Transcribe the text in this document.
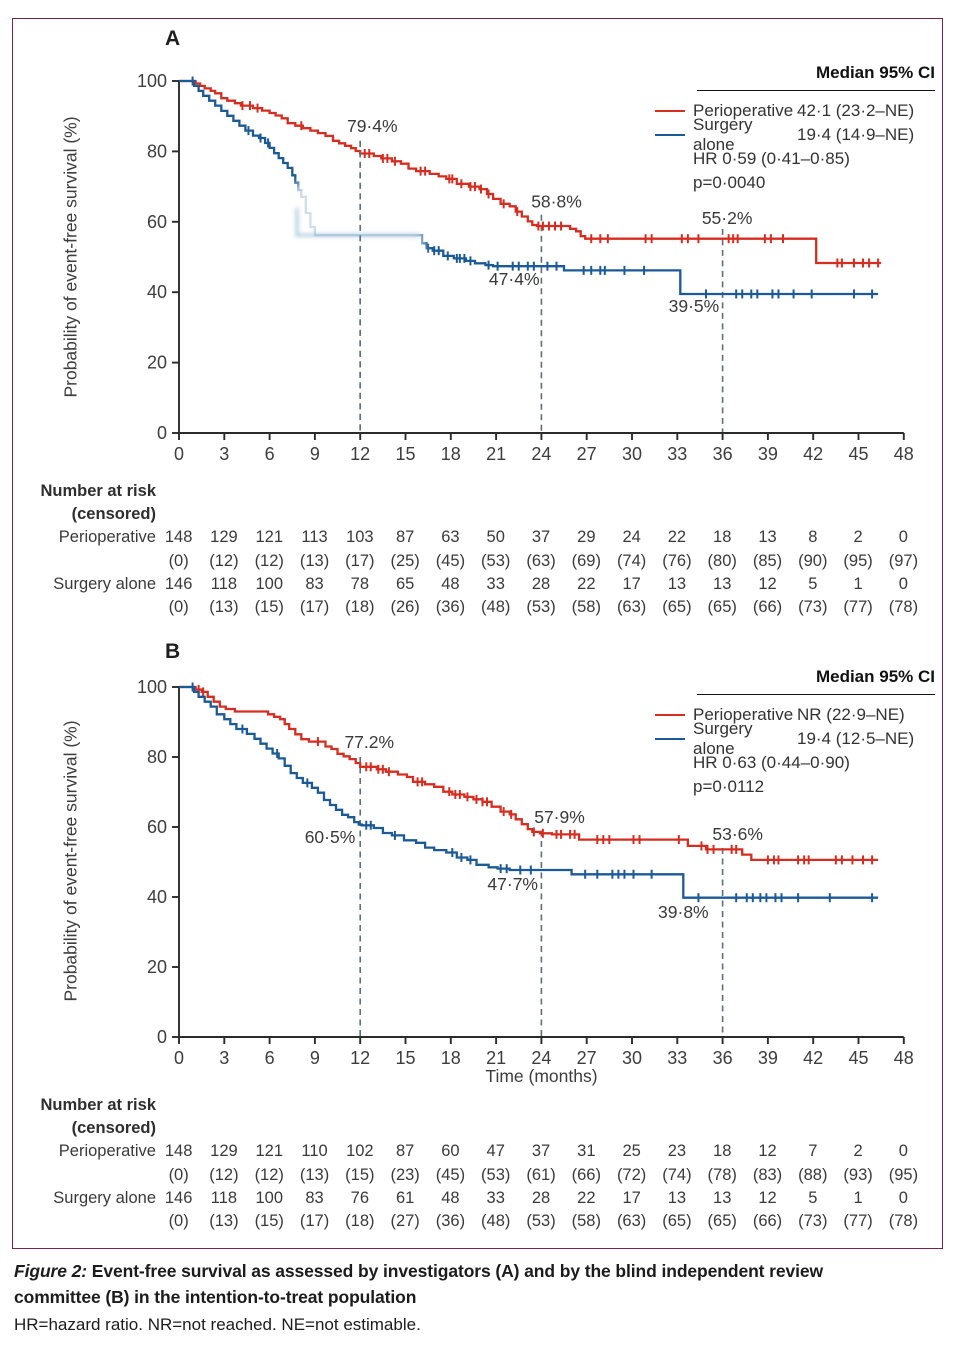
0 3 6 9 12 15 18 21 24 27 30 33 36 39 42 45 48
0
20
40
60
80
100
79·4%
58·8%
55·2%
47·4%
39·5%
0 3 6 9 12 15 18 21 24 27 30 33 36 39 42 45 48
0
20
40
60
80
100
77.2%
60·5%
57·9%
53·6%
47·7%
39·8%
A
B
Probability of event-free survival (%)
Probability of event-free survival (%)
Time (months)
Median 95% CI
Perioperative 42·1 (23·2–NE)
Surgery alone
19·4 (14·9–NE)
HR 0·59 (0·41–0·85)
p=0·0040
Median 95% CI
Perioperative NR (22·9–NE)
Surgery alone
19·4 (12·5–NE)
HR 0·63 (0·44–0·90)
p=0·0112
Number at risk
(censored)
Perioperative 148	129	121	113	103	87	63	50	37	29	24	22	18	13	8	2	0
(0)	(12) (12) (13) (17) (25) (45) (53) (63) (69) (74) (76) (80) (85) (90) (95) (97)
Surgery alone 146	118	100	83	78	65	48	33	28	22	17	13	13	12	5	1	0
(0)	(13) (15) (17) (18) (26) (36) (48) (53) (58) (63) (65) (65) (66) (73) (77) (78)
Number at risk
(censored)
Perioperative 148	129	121	110	102	87	60	47	37	31	25	23	18	12	7	2	0
(0)	(12) (12) (13) (15) (23) (45) (53) (61) (66) (72) (74) (78) (83) (88) (93) (95)
Surgery alone 146	118	100	83	76	61	48	33	28	22	17	13	13	12	5	1	0
(0)	(13) (15) (17) (18) (27) (36) (48) (53) (58) (63) (65) (65) (66) (73) (77) (78)
Figure 2: Event-free survival as assessed by investigators (A) and by the blind independent review committee (B) in the intention-to-treat population
HR=hazard ratio. NR=not reached. NE=not estimable.
